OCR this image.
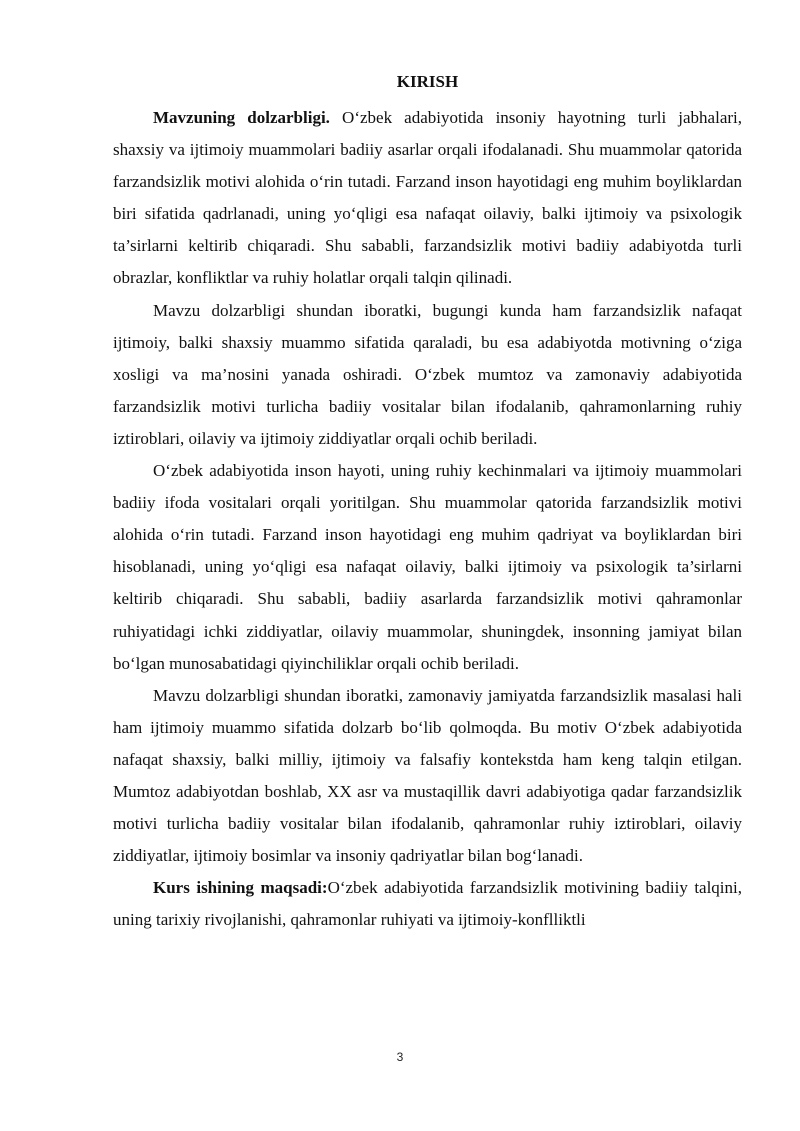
KIRISH

Mavzuning dolzarbligi. O‘zbek adabiyotida insoniy hayotning turli jabhalari, shaxsiy va ijtimoiy muammolari badiiy asarlar orqali ifodalanadi. Shu muammolar qatorida farzandsizlik motivi alohida o‘rin tutadi. Farzand inson hayotidagi eng muhim boyliklardan biri sifatida qadrlanadi, uning yo‘qligi esa nafaqat oilaviy, balki ijtimoiy va psixologik ta’sirlarni keltirib chiqaradi. Shu sababli, farzandsizlik motivi badiiy adabiyotda turli obrazlar, konfliktlar va ruhiy holatlar orqali talqin qilinadi.

Mavzu dolzarbligi shundan iboratki, bugungi kunda ham farzandsizlik nafaqat ijtimoiy, balki shaxsiy muammo sifatida qaraladi, bu esa adabiyotda motivning o‘ziga xosligi va ma’nosini yanada oshiradi. O‘zbek mumtoz va zamonaviy adabiyotida farzandsizlik motivi turlicha badiiy vositalar bilan ifodalanib, qahramonlarning ruhiy iztiroblari, oilaviy va ijtimoiy ziddiyatlar orqali ochib beriladi.

O‘zbek adabiyotida inson hayoti, uning ruhiy kechinmalari va ijtimoiy muammolari badiiy ifoda vositalari orqali yoritilgan. Shu muammolar qatorida farzandsizlik motivi alohida o‘rin tutadi. Farzand inson hayotidagi eng muhim qadriyat va boyliklardan biri hisoblanadi, uning yo‘qligi esa nafaqat oilaviy, balki ijtimoiy va psixologik ta’sirlarni keltirib chiqaradi. Shu sababli, badiiy asarlarda farzandsizlik motivi qahramonlar ruhiyatidagi ichki ziddiyatlar, oilaviy muammolar, shuningdek, insonning jamiyat bilan bo‘lgan munosabatidagi qiyinchiliklar orqali ochib beriladi.

Mavzu dolzarbligi shundan iboratki, zamonaviy jamiyatda farzandsizlik masalasi hali ham ijtimoiy muammo sifatida dolzarb bo‘lib qolmoqda. Bu motiv O‘zbek adabiyotida nafaqat shaxsiy, balki milliy, ijtimoiy va falsafiy kontekstda ham keng talqin etilgan. Mumtoz adabiyotdan boshlab, XX asr va mustaqillik davri adabiyotiga qadar farzandsizlik motivi turlicha badiiy vositalar bilan ifodalanib, qahramonlar ruhiy iztiroblari, oilaviy ziddiyatlar, ijtimoiy bosimlar va insoniy qadriyatlar bilan bog‘lanadi.

Kurs ishining maqsadi:O‘zbek adabiyotida farzandsizlik motivining badiiy talqini, uning tarixiy rivojlanishi, qahramonlar ruhiyati va ijtimoiy-konflliktli

3
